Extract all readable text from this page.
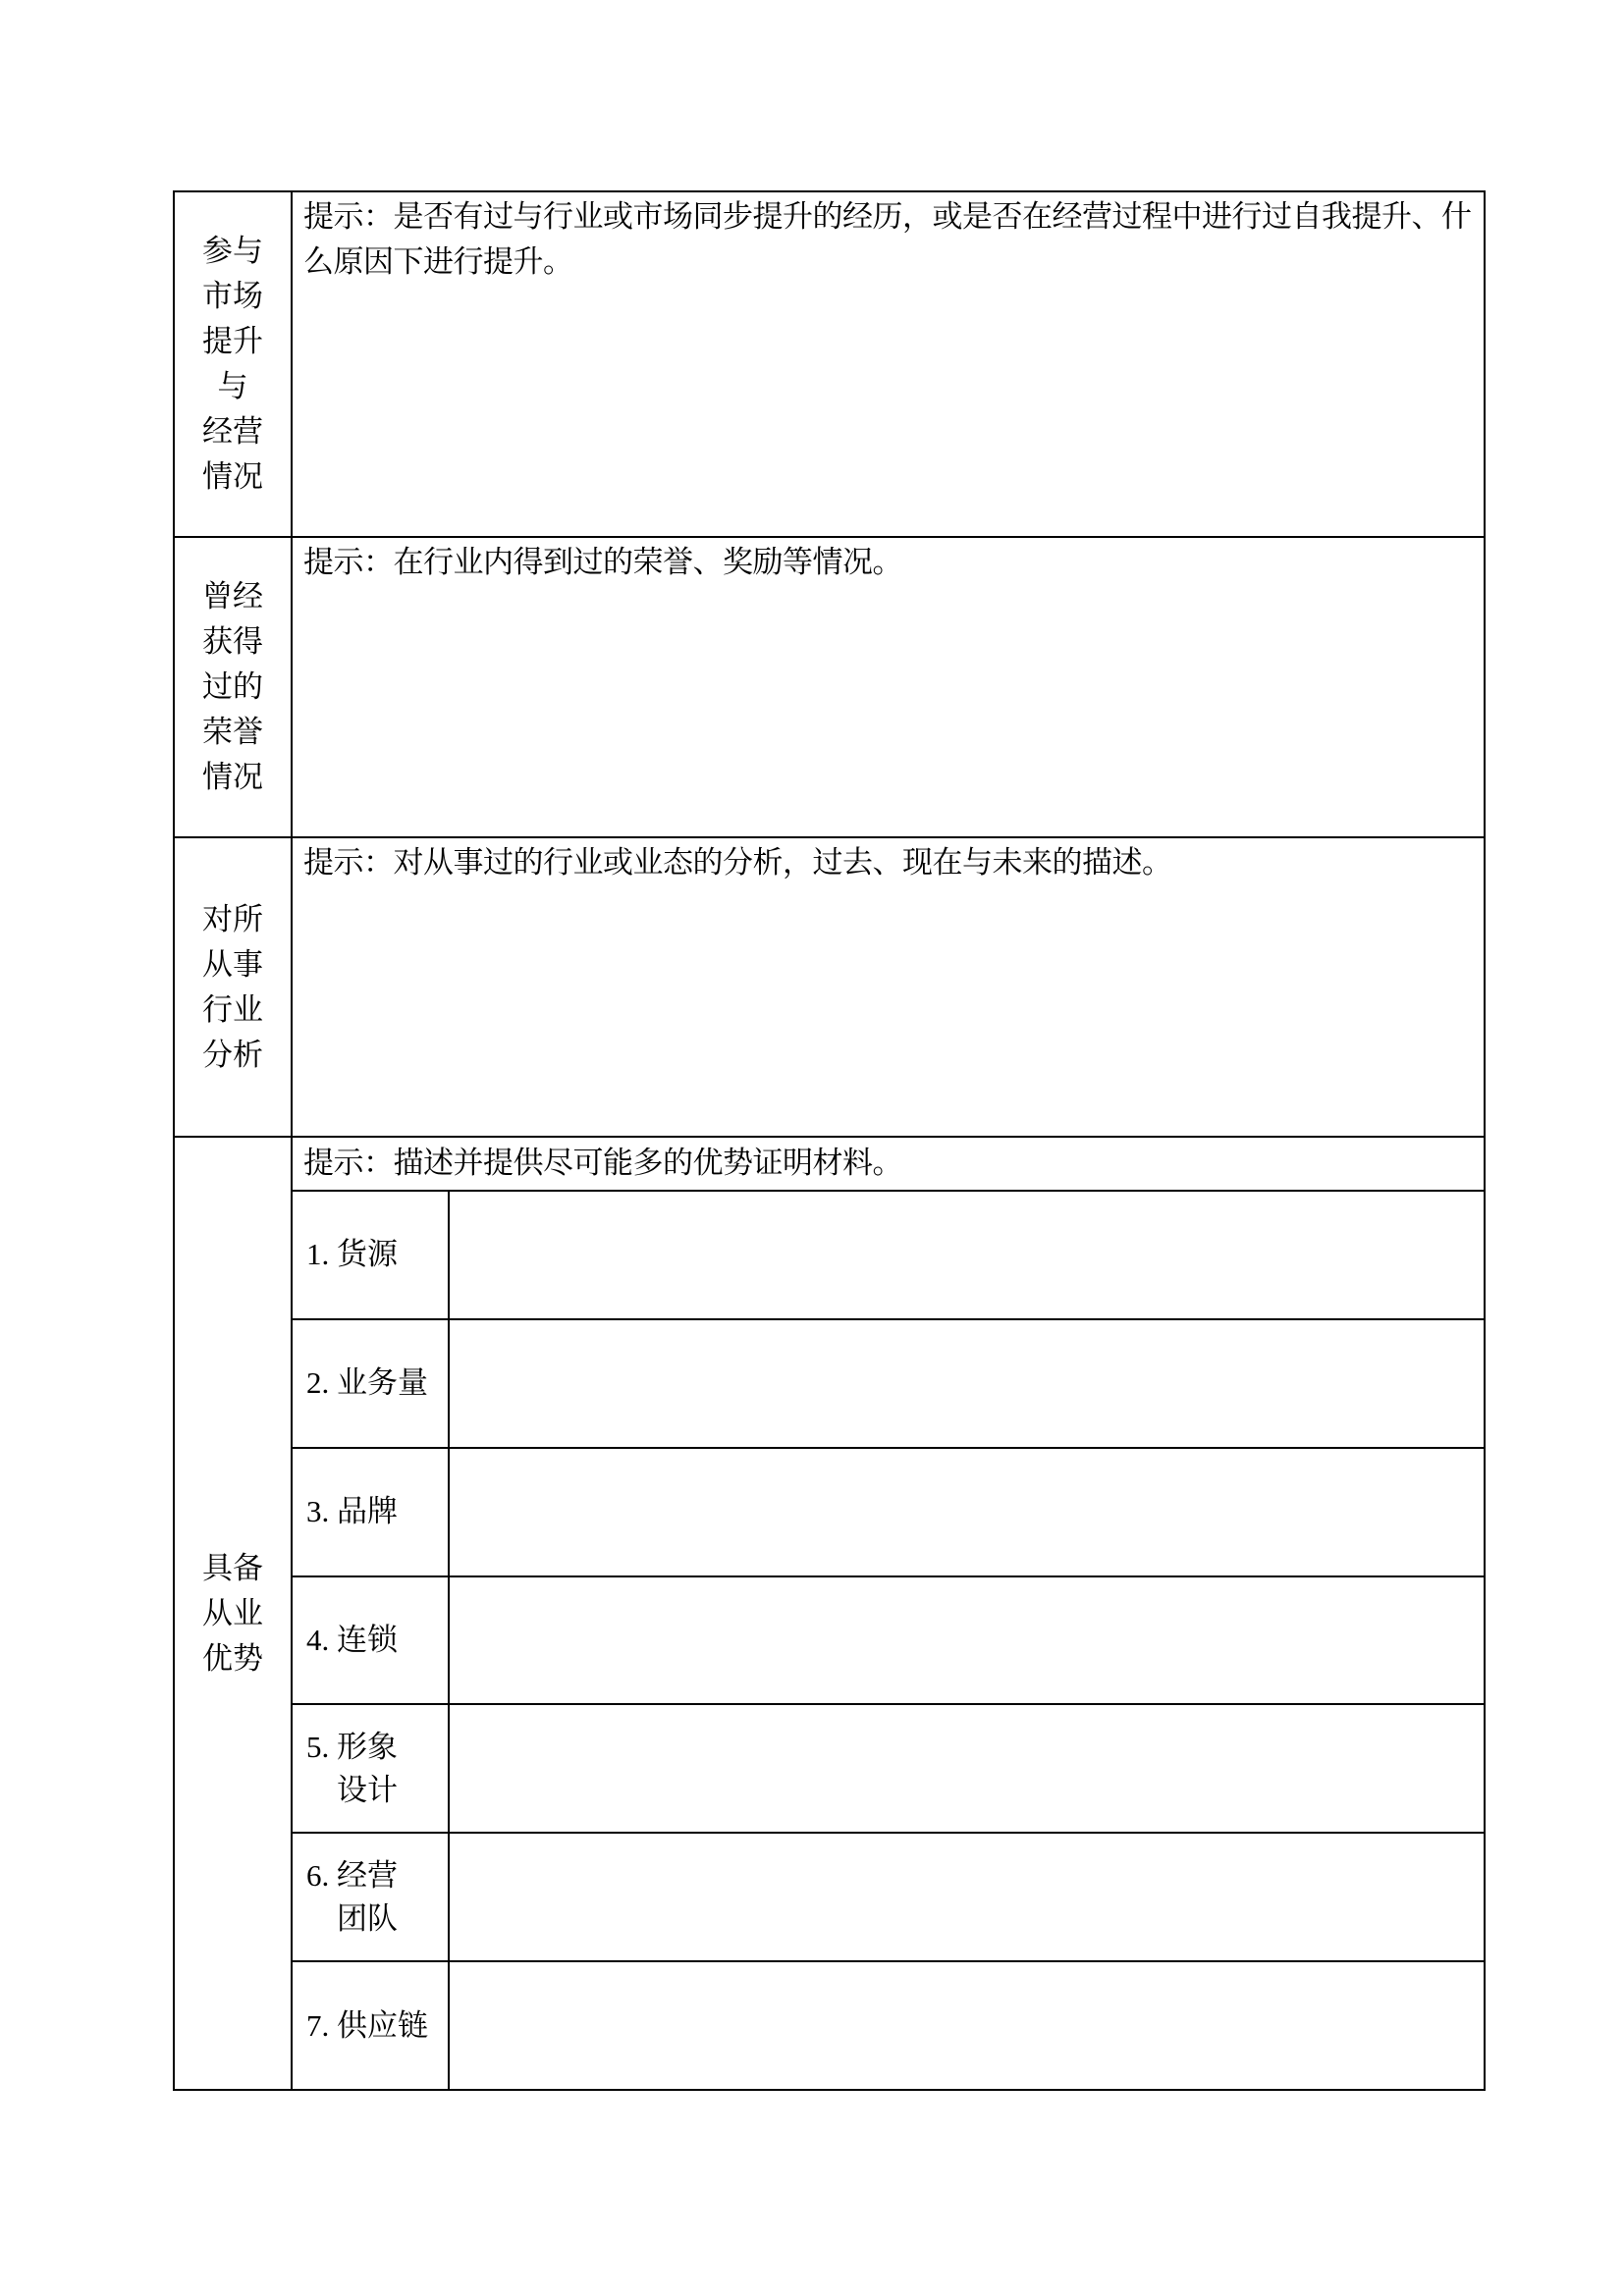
参与
市场
提升
与
经营
情况
提示：是否有过与行业或市场同步提升的经历，或是否在经营过程中进行过自我提升、什么原因下进行提升。
曾经
获得
过的
荣誉
情况
提示：在行业内得到过的荣誉、奖励等情况。
对所
从事
行业
分析
提示：对从事过的行业或业态的分析，过去、现在与未来的描述。
具备
从业
优势
提示：描述并提供尽可能多的优势证明材料。
1. 货源
2. 业务量
3. 品牌
4. 连锁
5. 形象
设计
6. 经营
团队
7. 供应链
